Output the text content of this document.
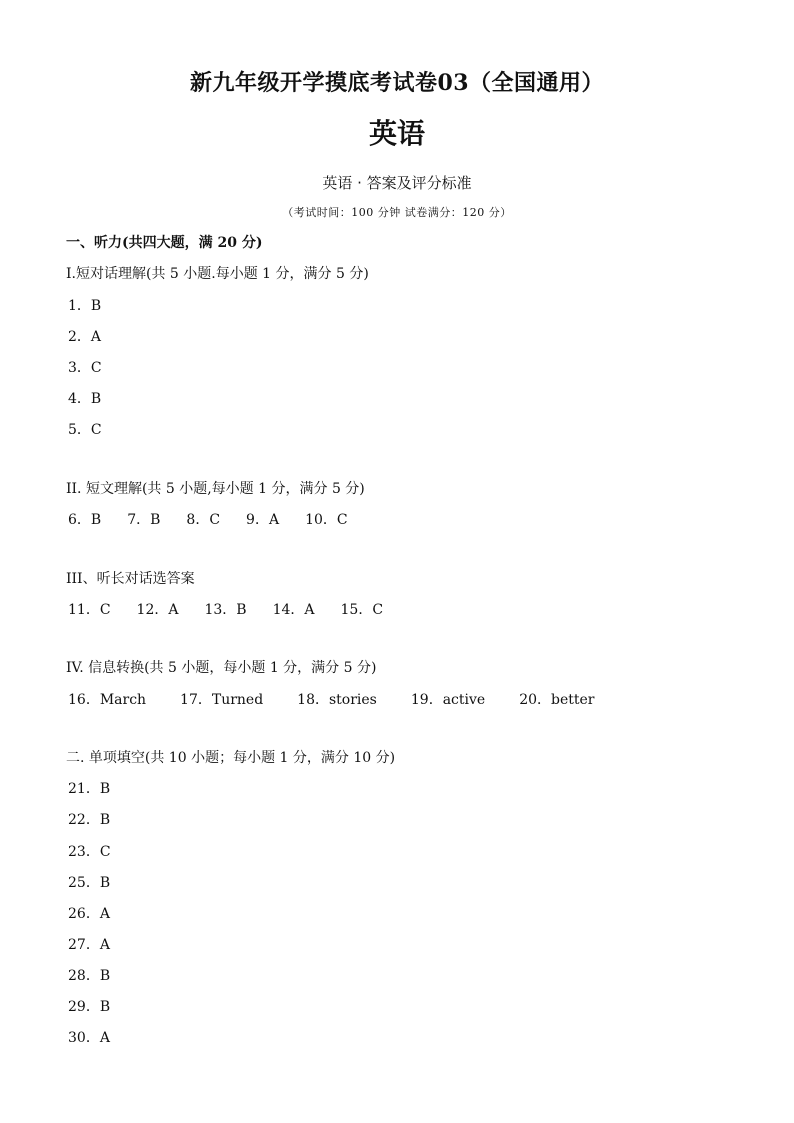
新九年级开学摸底考试卷03（全国通用）
英语
英语 · 答案及评分标准
（考试时间：100 分钟 试卷满分：120 分）
一、听力(共四大题，满 20 分)
Ⅰ.短对话理解(共 5 小题.每小题 1 分，满分 5 分)
1．B
2．A
3．C
4．B
5．C
II. 短文理解(共 5 小题,每小题 1 分，满分 5 分)
6．B 7．B 8．C 9．A 10．C
III、听长对话选答案
11．C 12．A 13．B 14．A 15．C
IV. 信息转换(共 5 小题，每小题 1 分，满分 5 分)
16．March 17．Turned 18．stories 19．active 20．better
二. 单项填空(共 10 小题；每小题 1 分，满分 10 分)
21．B
22．B
23．C
25．B
26．A
27．A
28．B
29．B
30．A
